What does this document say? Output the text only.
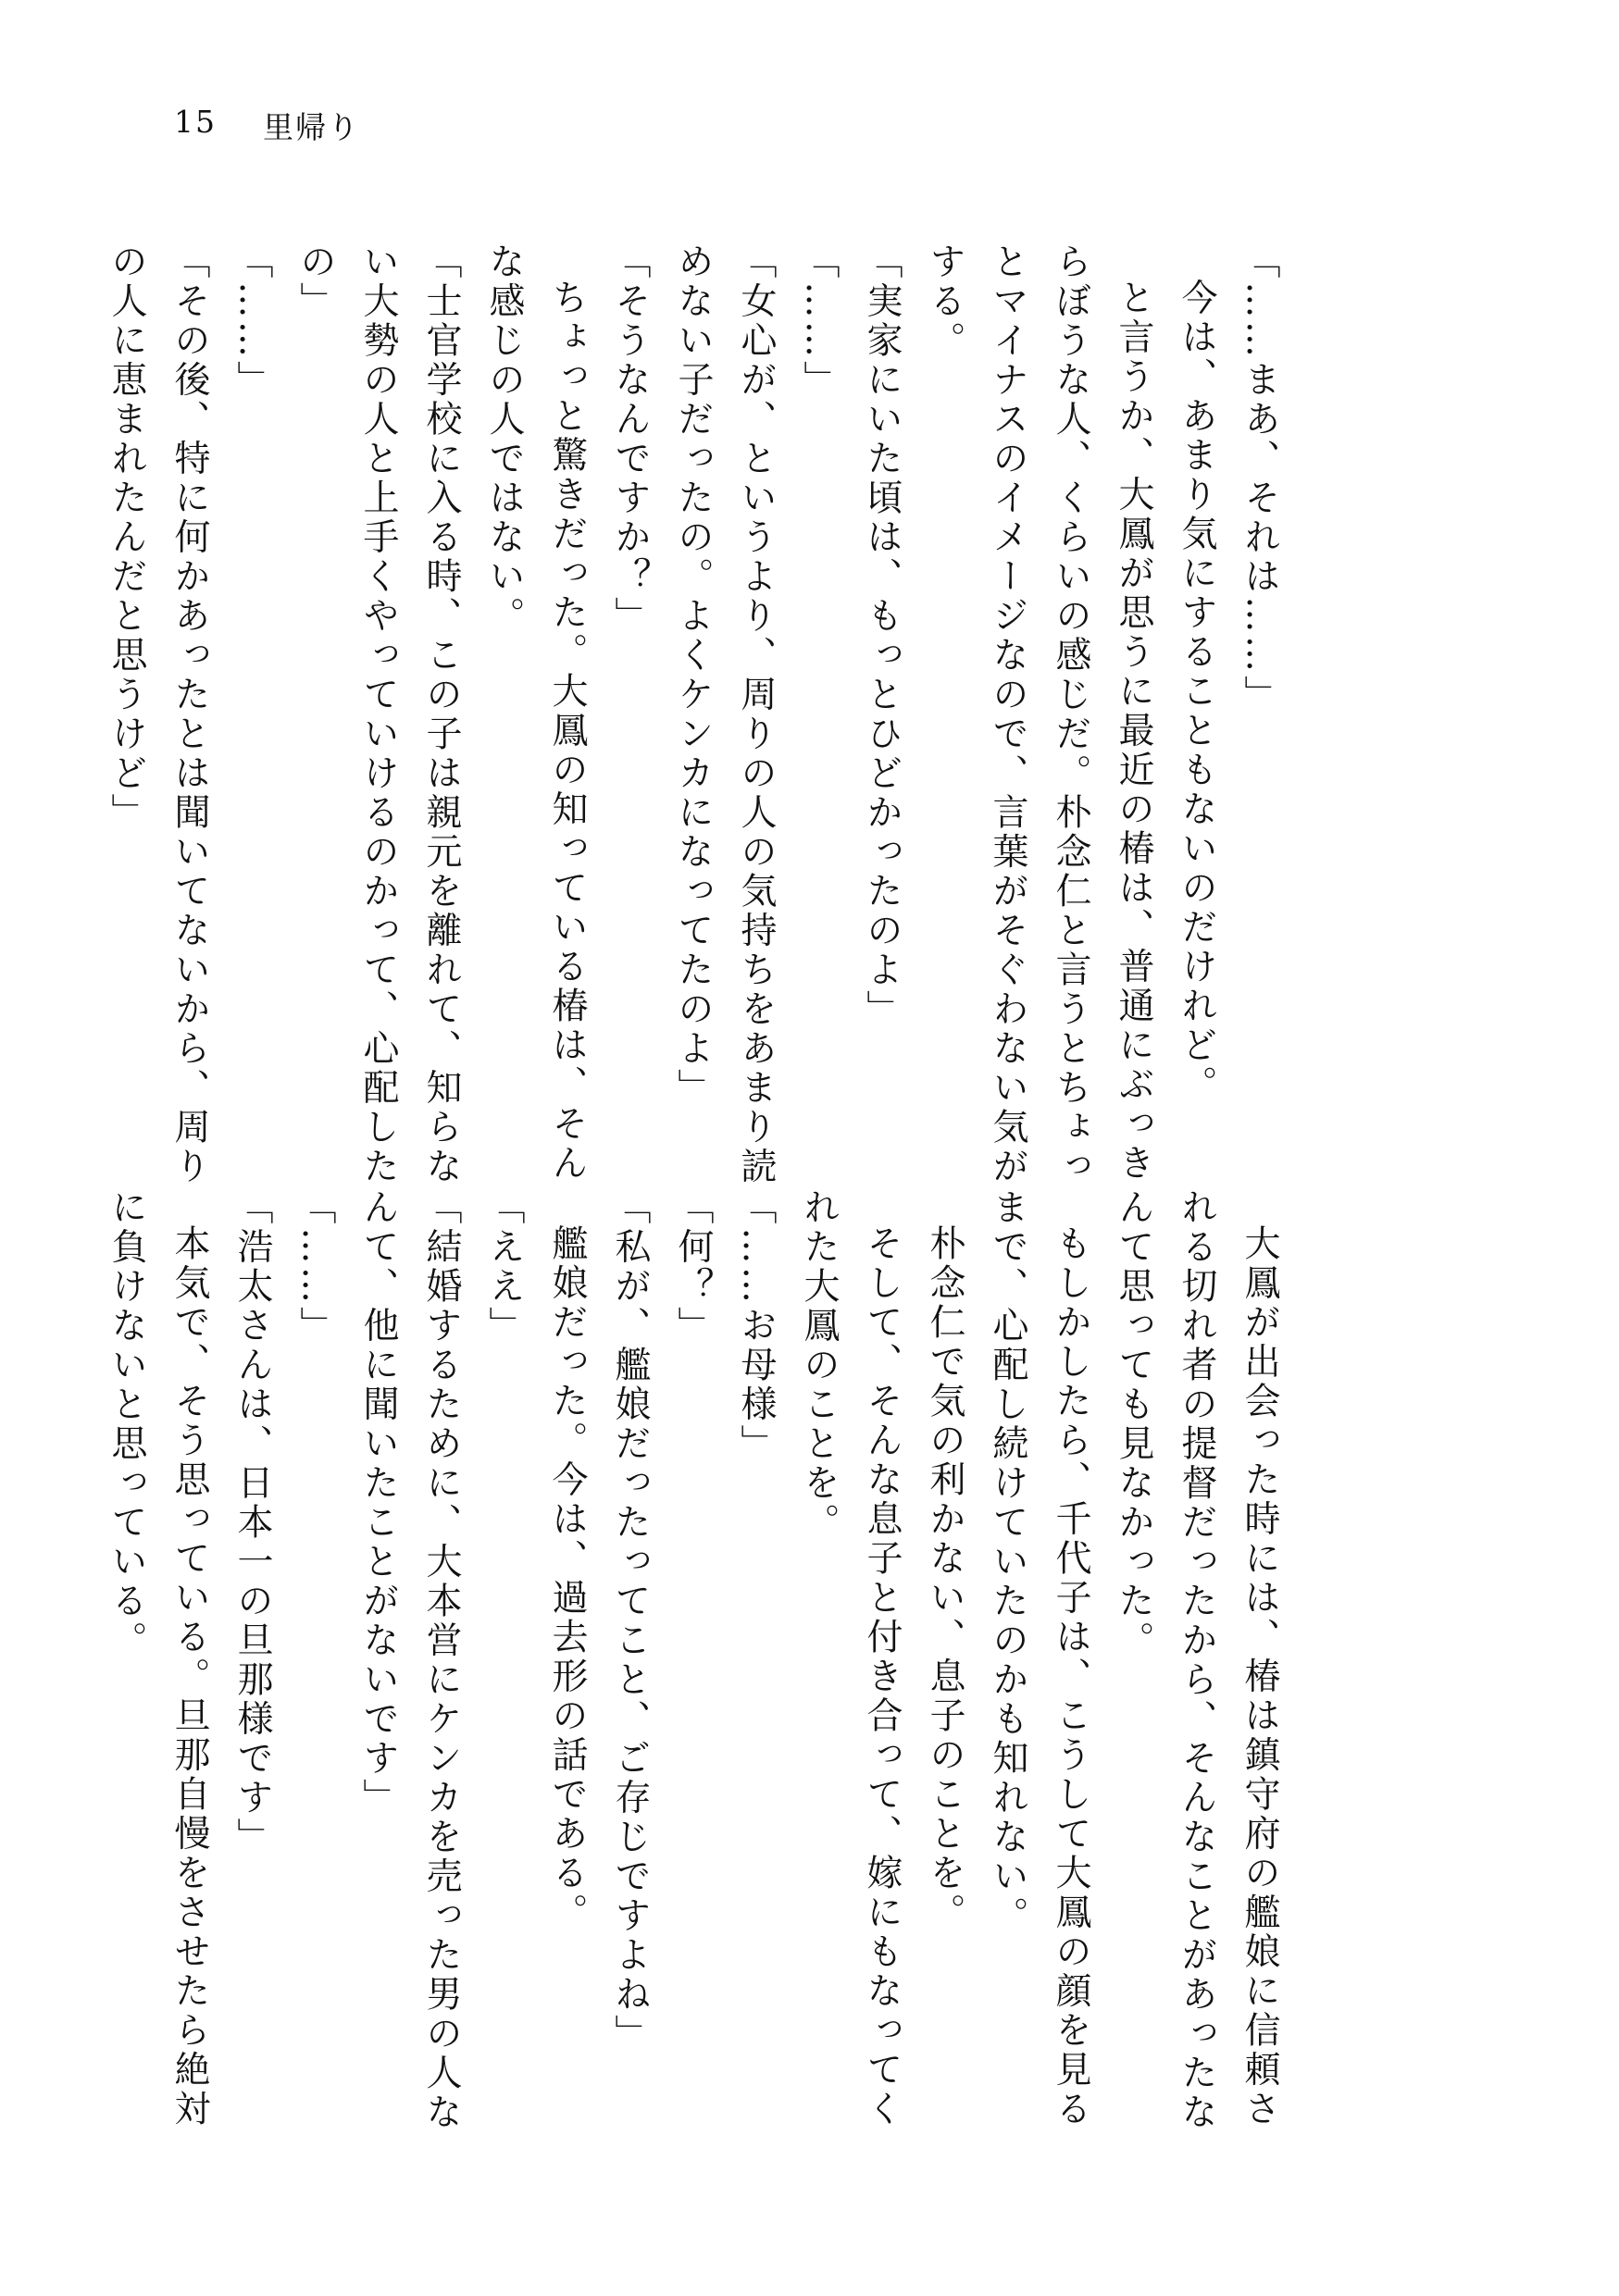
15 里帰り
「……まあ、それは……」
今は、あまり気にすることもないのだけれど。
と言うか、大鳳が思うに最近の椿は、普通にぶっき
らぼうな人、くらいの感じだ。朴念仁と言うとちょっ
とマイナスのイメージなので、言葉がそぐわない気が
する。
「実家にいた頃は、もっとひどかったのよ」
「……」
「女心が、というより、周りの人の気持ちをあまり読
めない子だったの。よくケンカになってたのよ」
「そうなんですか？」
ちょっと驚きだった。大鳳の知っている椿は、そん
な感じの人ではない。
「士官学校に入る時、この子は親元を離れて、知らな
い大勢の人と上手くやっていけるのかって、心配した
の」
「……」
「その後、特に何かあったとは聞いてないから、周り
の人に恵まれたんだと思うけど」
大鳳が出会った時には、椿は鎮守府の艦娘に信頼さ
れる切れ者の提督だったから、そんなことがあったな
んて思っても見なかった。
もしかしたら、千代子は、こうして大鳳の顔を見る
まで、心配し続けていたのかも知れない。
朴念仁で気の利かない、息子のことを。
そして、そんな息子と付き合って、嫁にもなってく
れた大鳳のことを。
「……お母様」
「何？」
「私が、艦娘だったってこと、ご存じですよね」
艦娘だった。今は、過去形の話である。
「ええ」
「結婚するために、大本営にケンカを売った男の人な
んて、他に聞いたことがないです」
「……」
「浩太さんは、日本一の旦那様です」
本気で、そう思っている。旦那自慢をさせたら絶対
に負けないと思っている。
